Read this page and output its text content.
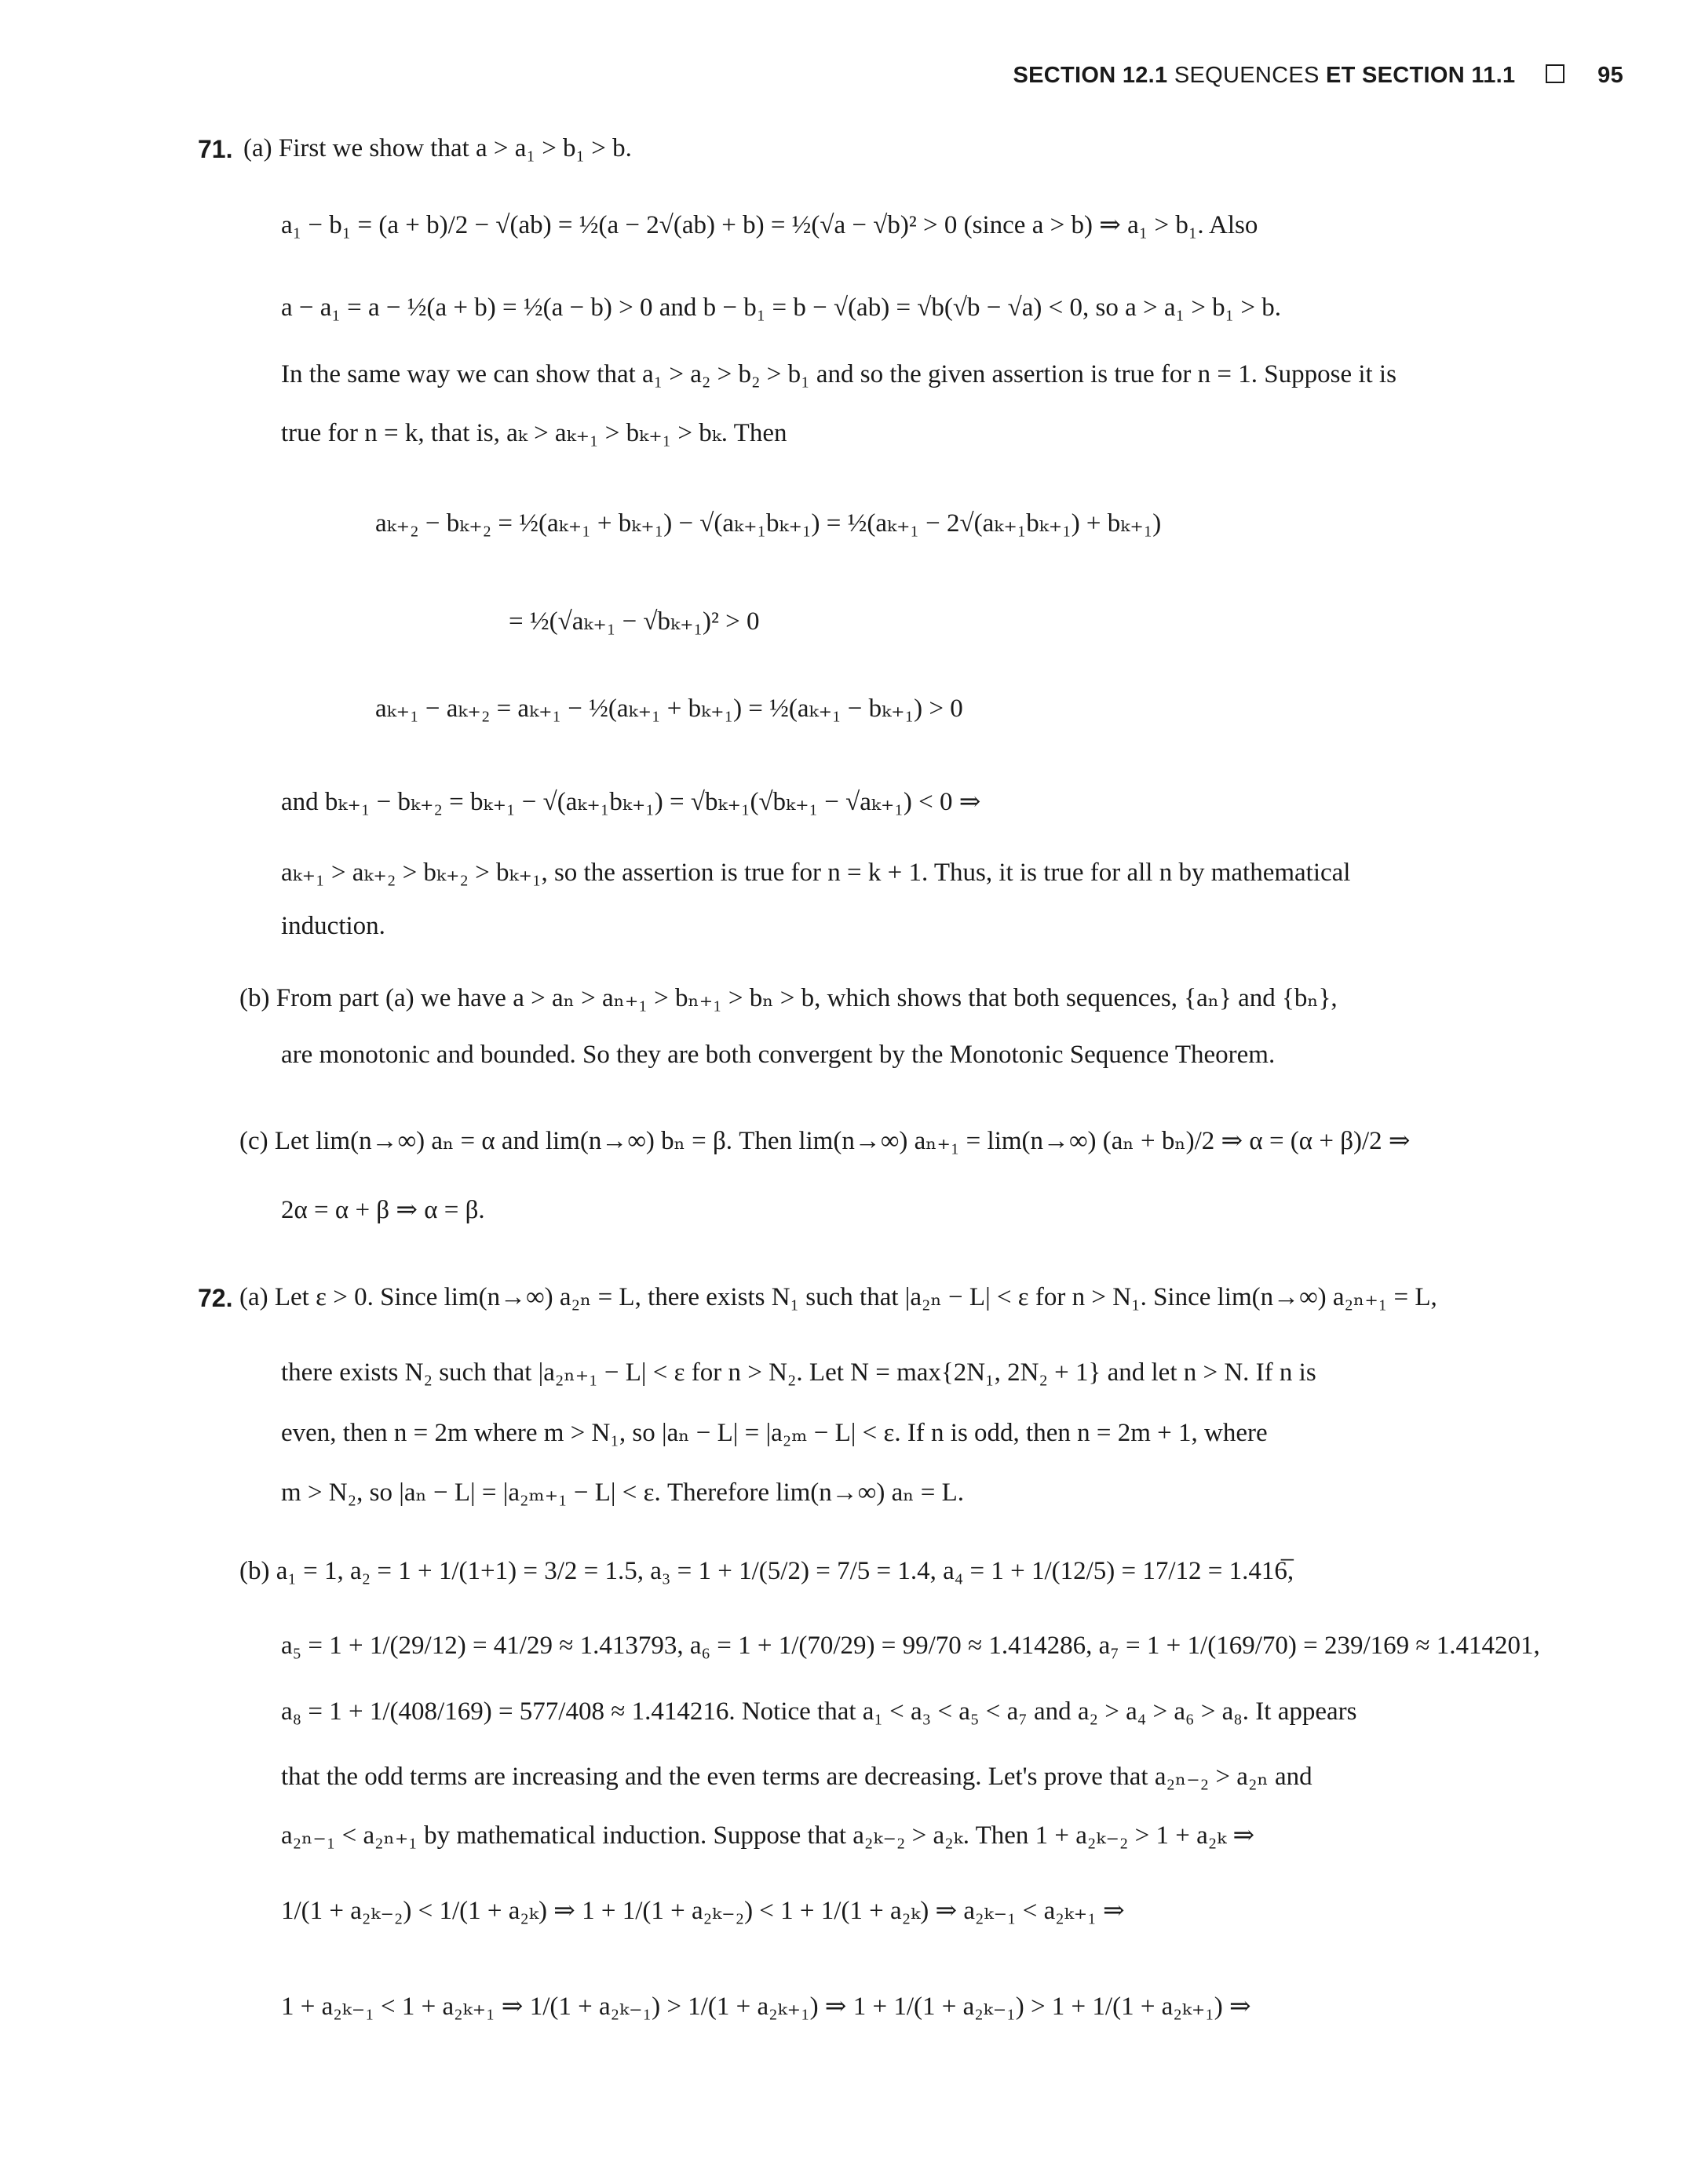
SECTION 12.1 SEQUENCES ET SECTION 11.1	95
71. (a) First we show that a > a₁ > b₁ > b.
a₁ − b₁ = (a + b)/2 − √(ab) = ½(a − 2√(ab) + b) = ½(√a − √b)² > 0 (since a > b) ⇒ a₁ > b₁. Also
a − a₁ = a − ½(a + b) = ½(a − b) > 0 and b − b₁ = b − √(ab) = √b(√b − √a) < 0, so a > a₁ > b₁ > b.
In the same way we can show that a₁ > a₂ > b₂ > b₁ and so the given assertion is true for n = 1. Suppose it is
true for n = k, that is, aₖ > aₖ₊₁ > bₖ₊₁ > bₖ. Then
aₖ₊₂ − bₖ₊₂ = ½(aₖ₊₁ + bₖ₊₁) − √(aₖ₊₁bₖ₊₁) = ½(aₖ₊₁ − 2√(aₖ₊₁bₖ₊₁) + bₖ₊₁)
= ½(√aₖ₊₁ − √bₖ₊₁)² > 0
aₖ₊₁ − aₖ₊₂ = aₖ₊₁ − ½(aₖ₊₁ + bₖ₊₁) = ½(aₖ₊₁ − bₖ₊₁) > 0
and bₖ₊₁ − bₖ₊₂ = bₖ₊₁ − √(aₖ₊₁bₖ₊₁) = √bₖ₊₁(√bₖ₊₁ − √aₖ₊₁) < 0 ⇒
aₖ₊₁ > aₖ₊₂ > bₖ₊₂ > bₖ₊₁, so the assertion is true for n = k + 1. Thus, it is true for all n by mathematical
induction.
(b) From part (a) we have a > aₙ > aₙ₊₁ > bₙ₊₁ > bₙ > b, which shows that both sequences, {aₙ} and {bₙ},
are monotonic and bounded. So they are both convergent by the Monotonic Sequence Theorem.
(c) Let lim(n→∞) aₙ = α and lim(n→∞) bₙ = β. Then lim(n→∞) aₙ₊₁ = lim(n→∞) (aₙ + bₙ)/2 ⇒ α = (α + β)/2 ⇒
2α = α + β ⇒ α = β.
72. (a) Let ε > 0. Since lim(n→∞) a₂ₙ = L, there exists N₁ such that |a₂ₙ − L| < ε for n > N₁. Since lim(n→∞) a₂ₙ₊₁ = L,
there exists N₂ such that |a₂ₙ₊₁ − L| < ε for n > N₂. Let N = max{2N₁, 2N₂ + 1} and let n > N. If n is
even, then n = 2m where m > N₁, so |aₙ − L| = |a₂ₘ − L| < ε. If n is odd, then n = 2m + 1, where
m > N₂, so |aₙ − L| = |a₂ₘ₊₁ − L| < ε. Therefore lim(n→∞) aₙ = L.
(b) a₁ = 1, a₂ = 1 + 1/(1+1) = 3/2 = 1.5, a₃ = 1 + 1/(5/2) = 7/5 = 1.4, a₄ = 1 + 1/(12/5) = 17/12 = 1.416̅,
a₅ = 1 + 1/(29/12) = 41/29 ≈ 1.413793, a₆ = 1 + 1/(70/29) = 99/70 ≈ 1.414286, a₇ = 1 + 1/(169/70) = 239/169 ≈ 1.414201,
a₈ = 1 + 1/(408/169) = 577/408 ≈ 1.414216. Notice that a₁ < a₃ < a₅ < a₇ and a₂ > a₄ > a₆ > a₈. It appears
that the odd terms are increasing and the even terms are decreasing. Let's prove that a₂ₙ₋₂ > a₂ₙ and
a₂ₙ₋₁ < a₂ₙ₊₁ by mathematical induction. Suppose that a₂ₖ₋₂ > a₂ₖ. Then 1 + a₂ₖ₋₂ > 1 + a₂ₖ ⇒
1/(1 + a₂ₖ₋₂) < 1/(1 + a₂ₖ) ⇒ 1 + 1/(1 + a₂ₖ₋₂) < 1 + 1/(1 + a₂ₖ) ⇒ a₂ₖ₋₁ < a₂ₖ₊₁ ⇒
1 + a₂ₖ₋₁ < 1 + a₂ₖ₊₁ ⇒ 1/(1 + a₂ₖ₋₁) > 1/(1 + a₂ₖ₊₁) ⇒ 1 + 1/(1 + a₂ₖ₋₁) > 1 + 1/(1 + a₂ₖ₊₁) ⇒
